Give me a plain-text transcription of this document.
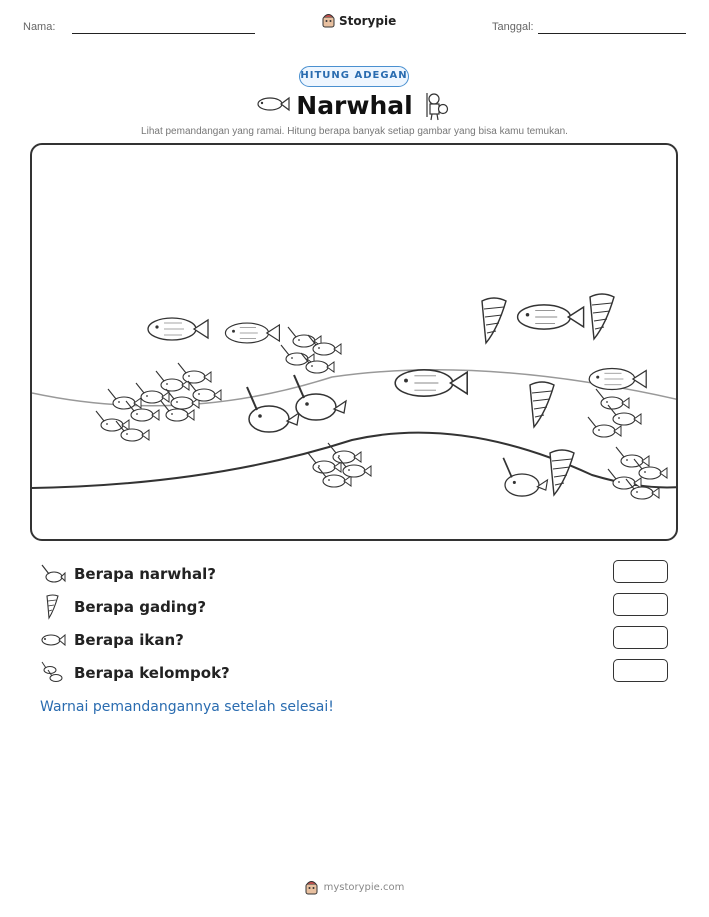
Nama:	Storypie	Tanggal:
HITUNG ADEGAN
Narwhal
Lihat pemandangan yang ramai. Hitung berapa banyak setiap gambar yang bisa kamu temukan.
Berapa narwhal?
Berapa gading?
Berapa ikan?
Berapa kelompok?
Warnai pemandangannya setelah selesai!
mystorypie.com
